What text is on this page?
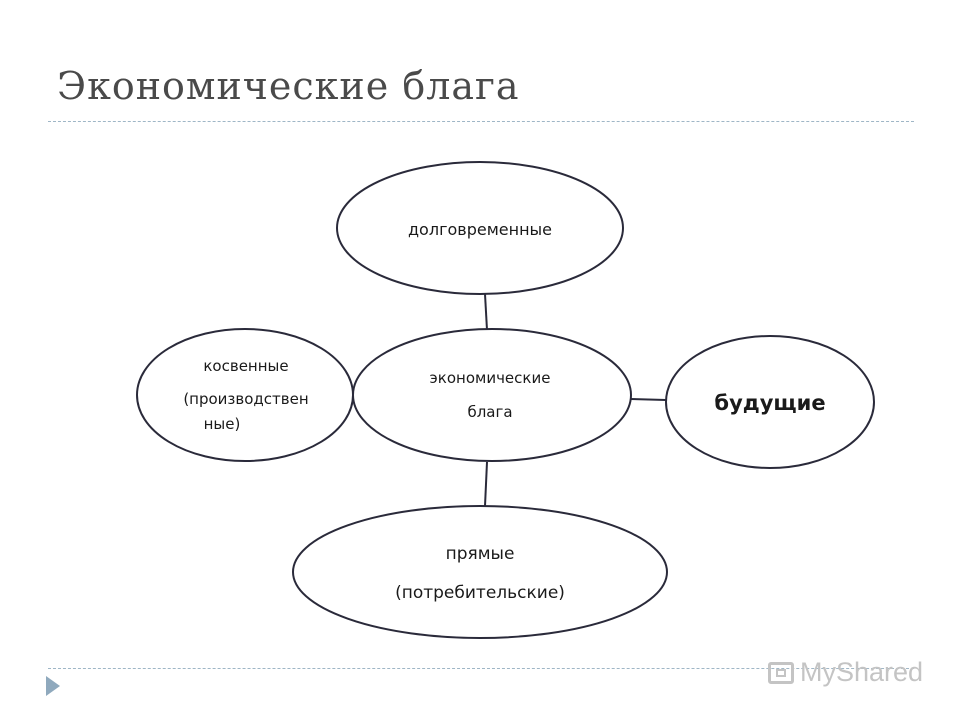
Экономические блага
долговременные
экономические
блага
косвенные
(производствен
ные)
будущие
прямые
(потребительские)
MyShared
